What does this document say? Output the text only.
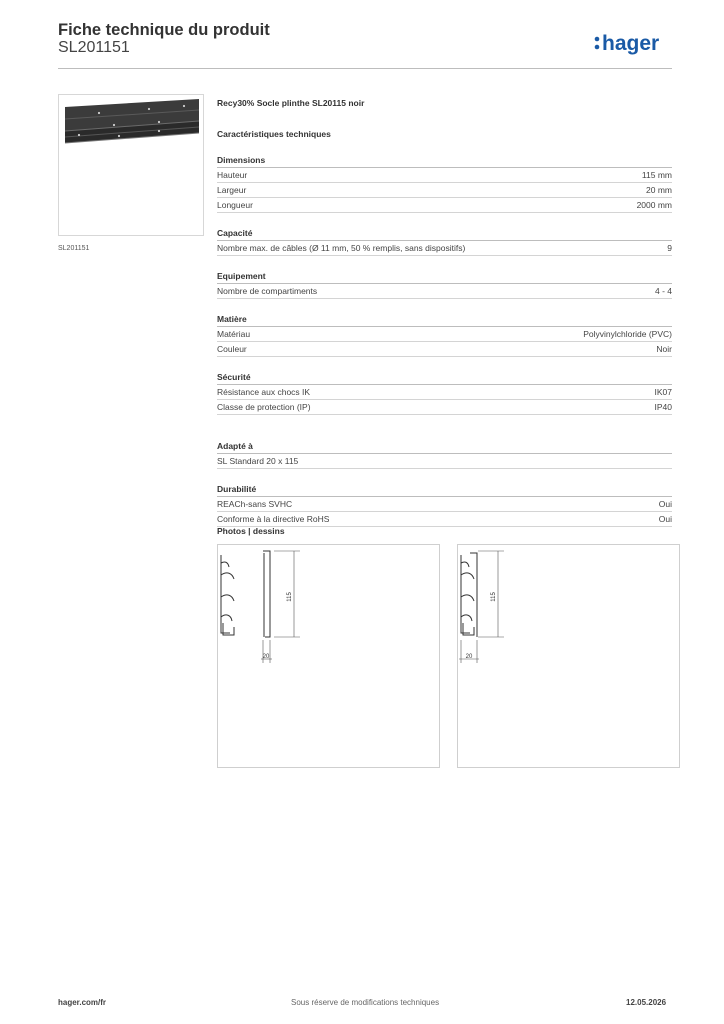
Fiche technique du produit
SL201151	hager
SL201151
Recy30% Socle plinthe SL20115 noir
Caractéristiques techniques
Dimensions
Hauteur	115 mm
Largeur	20 mm
Longueur	2000 mm
Capacité
Nombre max. de câbles (Ø 11 mm, 50 % remplis, sans dispositifs)	9
Equipement
Nombre de compartiments	4 - 4
Matière
Matériau	Polyvinylchloride (PVC)
Couleur	Noir
Sécurité
Résistance aux chocs IK	IK07
Classe de protection (IP)	IP40
Adapté à
SL Standard 20 x 115
Durabilité
REACh-sans SVHC	Oui
Conforme à la directive RoHS	Oui
Photos | dessins
115
20
115
20
hager.com/fr	Sous réserve de modifications techniques	12.05.2026
